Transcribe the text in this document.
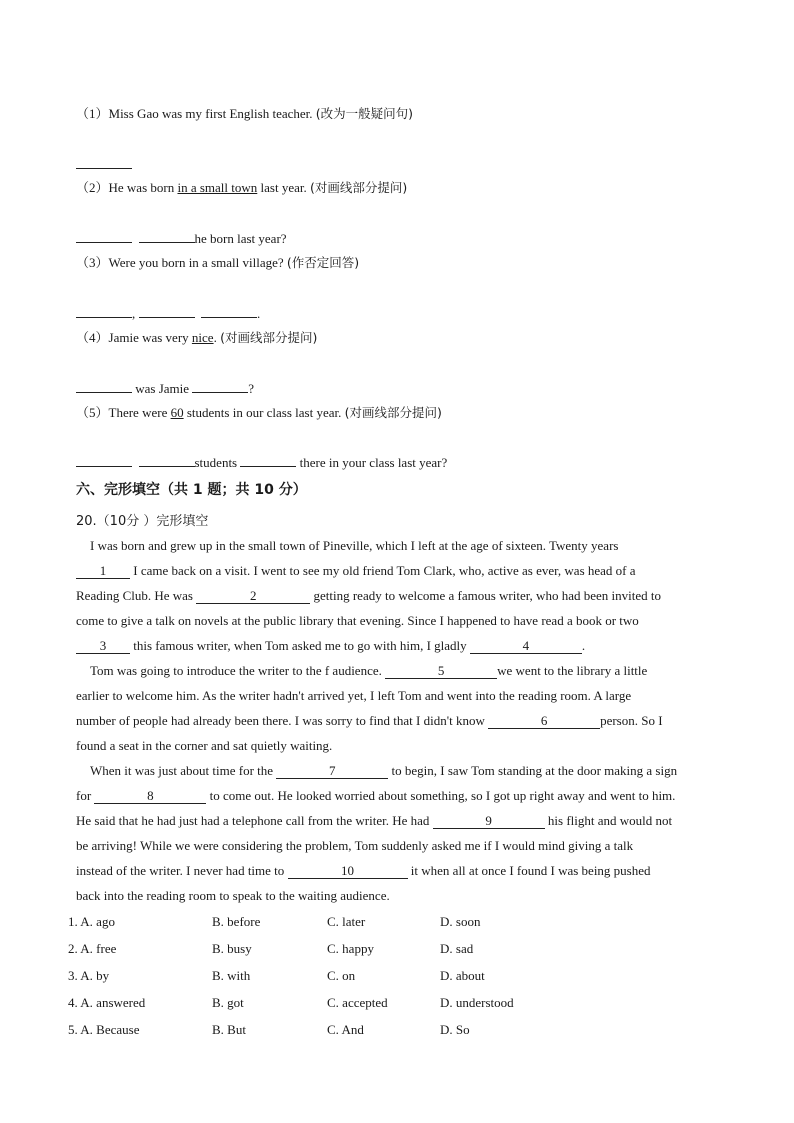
（1）Miss Gao was my first English teacher. (改为一般疑问句)
（2）He was born in a small town last year. (对画线部分提问)
he born last year?
（3）Were you born in a small village? (作否定回答)
,	.
（4）Jamie was very nice. (对画线部分提问)
was Jamie	?
（5）There were 60 students in our class last year. (对画线部分提问)
students	there in your class last year?
六、完形填空（共 1 题；共 10 分）
20.（10分 ）完形填空
I was born and grew up in the small town of Pineville, which I left at the age of sixteen. Twenty years
1 I came back on a visit. I went to see my old friend Tom Clark, who, active as ever, was head of a
Reading Club. He was	2	getting ready to welcome a famous writer, who had been invited to
come to give a talk on novels at the public library that evening. Since I happened to have read a book or two
3 this famous writer, when Tom asked me to go with him, I gladly	4	.
Tom was going to introduce the writer to the f audience.	5	we went to the library a little
earlier to welcome him. As the writer hadn't arrived yet, I left Tom and went into the reading room. A large
number of people had already been there. I was sorry to find that I didn't know	6	person. So I
found a seat in the corner and sat quietly waiting.
When it was just about time for the	7	to begin, I saw Tom standing at the door making a sign
for	8	to come out. He looked worried about something, so I got up right away and went to him.
He said that he had just had a telephone call from the writer. He had	9	his flight and would not
be arriving! While we were considering the problem, Tom suddenly asked me if I would mind giving a talk
instead of the writer. I never had time to	10	it when all at once I found I was being pushed
back into the reading room to speak to the waiting audience.
1. A. ago	B. before	C. later	D. soon
2. A. free	B. busy	C. happy	D. sad
3. A. by	B. with	C. on	D. about
4. A. answered	B. got	C. accepted	D. understood
5. A. Because	B. But	C. And	D. So
